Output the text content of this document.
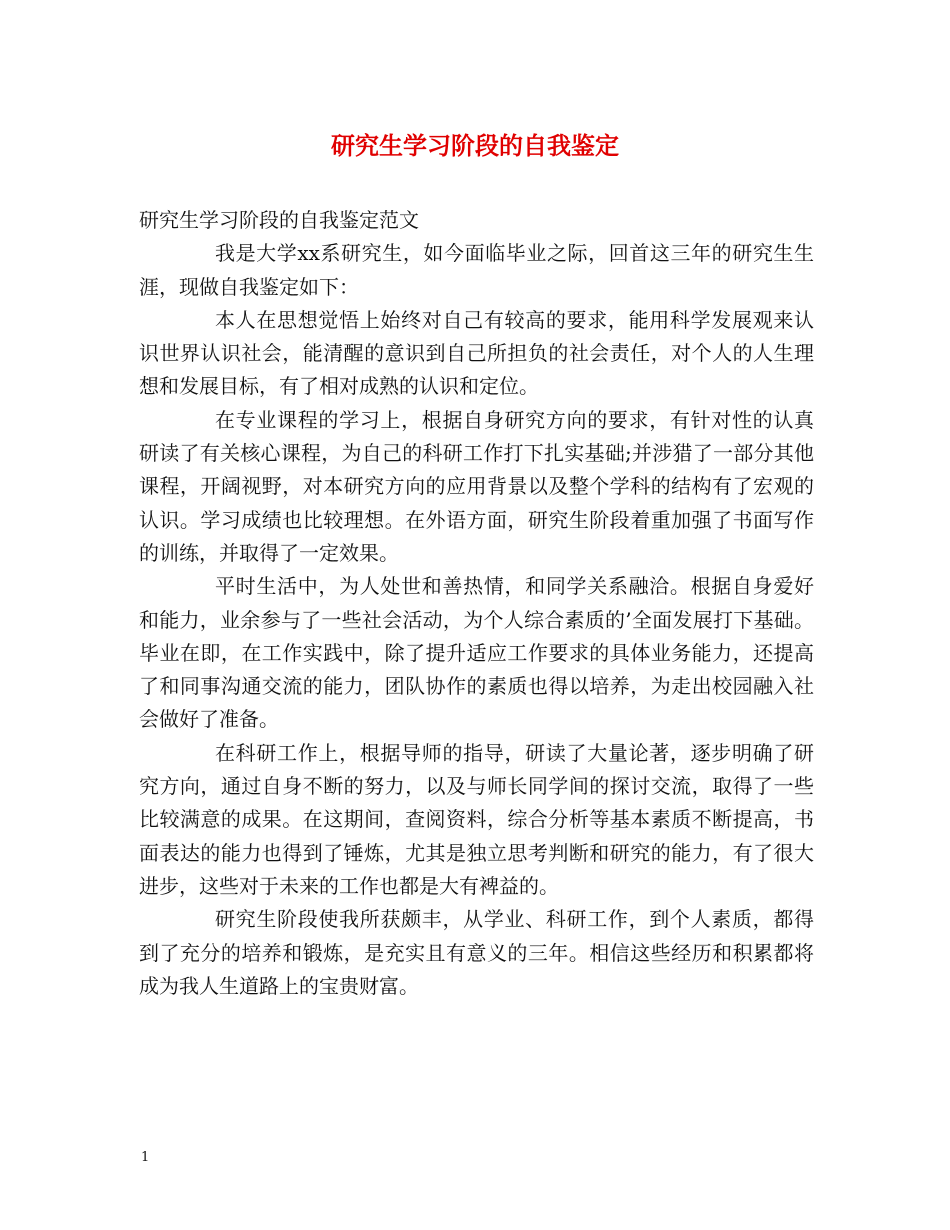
研究生学习阶段的自我鉴定

研究生学习阶段的自我鉴定范文

我是大学xx系研究生，如今面临毕业之际，回首这三年的研究生生涯，现做自我鉴定如下：

本人在思想觉悟上始终对自己有较高的要求，能用科学发展观来认识世界认识社会，能清醒的意识到自己所担负的社会责任，对个人的人生理想和发展目标，有了相对成熟的认识和定位。

在专业课程的学习上，根据自身研究方向的要求，有针对性的认真研读了有关核心课程，为自己的科研工作打下扎实基础;并涉猎了一部分其他课程，开阔视野，对本研究方向的应用背景以及整个学科的结构有了宏观的认识。学习成绩也比较理想。在外语方面，研究生阶段着重加强了书面写作的训练，并取得了一定效果。

平时生活中，为人处世和善热情，和同学关系融洽。根据自身爱好和能力，业余参与了一些社会活动，为个人综合素质的’全面发展打下基础。毕业在即，在工作实践中，除了提升适应工作要求的具体业务能力，还提高了和同事沟通交流的能力，团队协作的素质也得以培养，为走出校园融入社会做好了准备。

在科研工作上，根据导师的指导，研读了大量论著，逐步明确了研究方向，通过自身不断的努力，以及与师长同学间的探讨交流，取得了一些比较满意的成果。在这期间，查阅资料，综合分析等基本素质不断提高，书面表达的能力也得到了锤炼，尤其是独立思考判断和研究的能力，有了很大进步，这些对于未来的工作也都是大有裨益的。

研究生阶段使我所获颇丰，从学业、科研工作，到个人素质，都得到了充分的培养和锻炼，是充实且有意义的三年。相信这些经历和积累都将成为我人生道路上的宝贵财富。

1
